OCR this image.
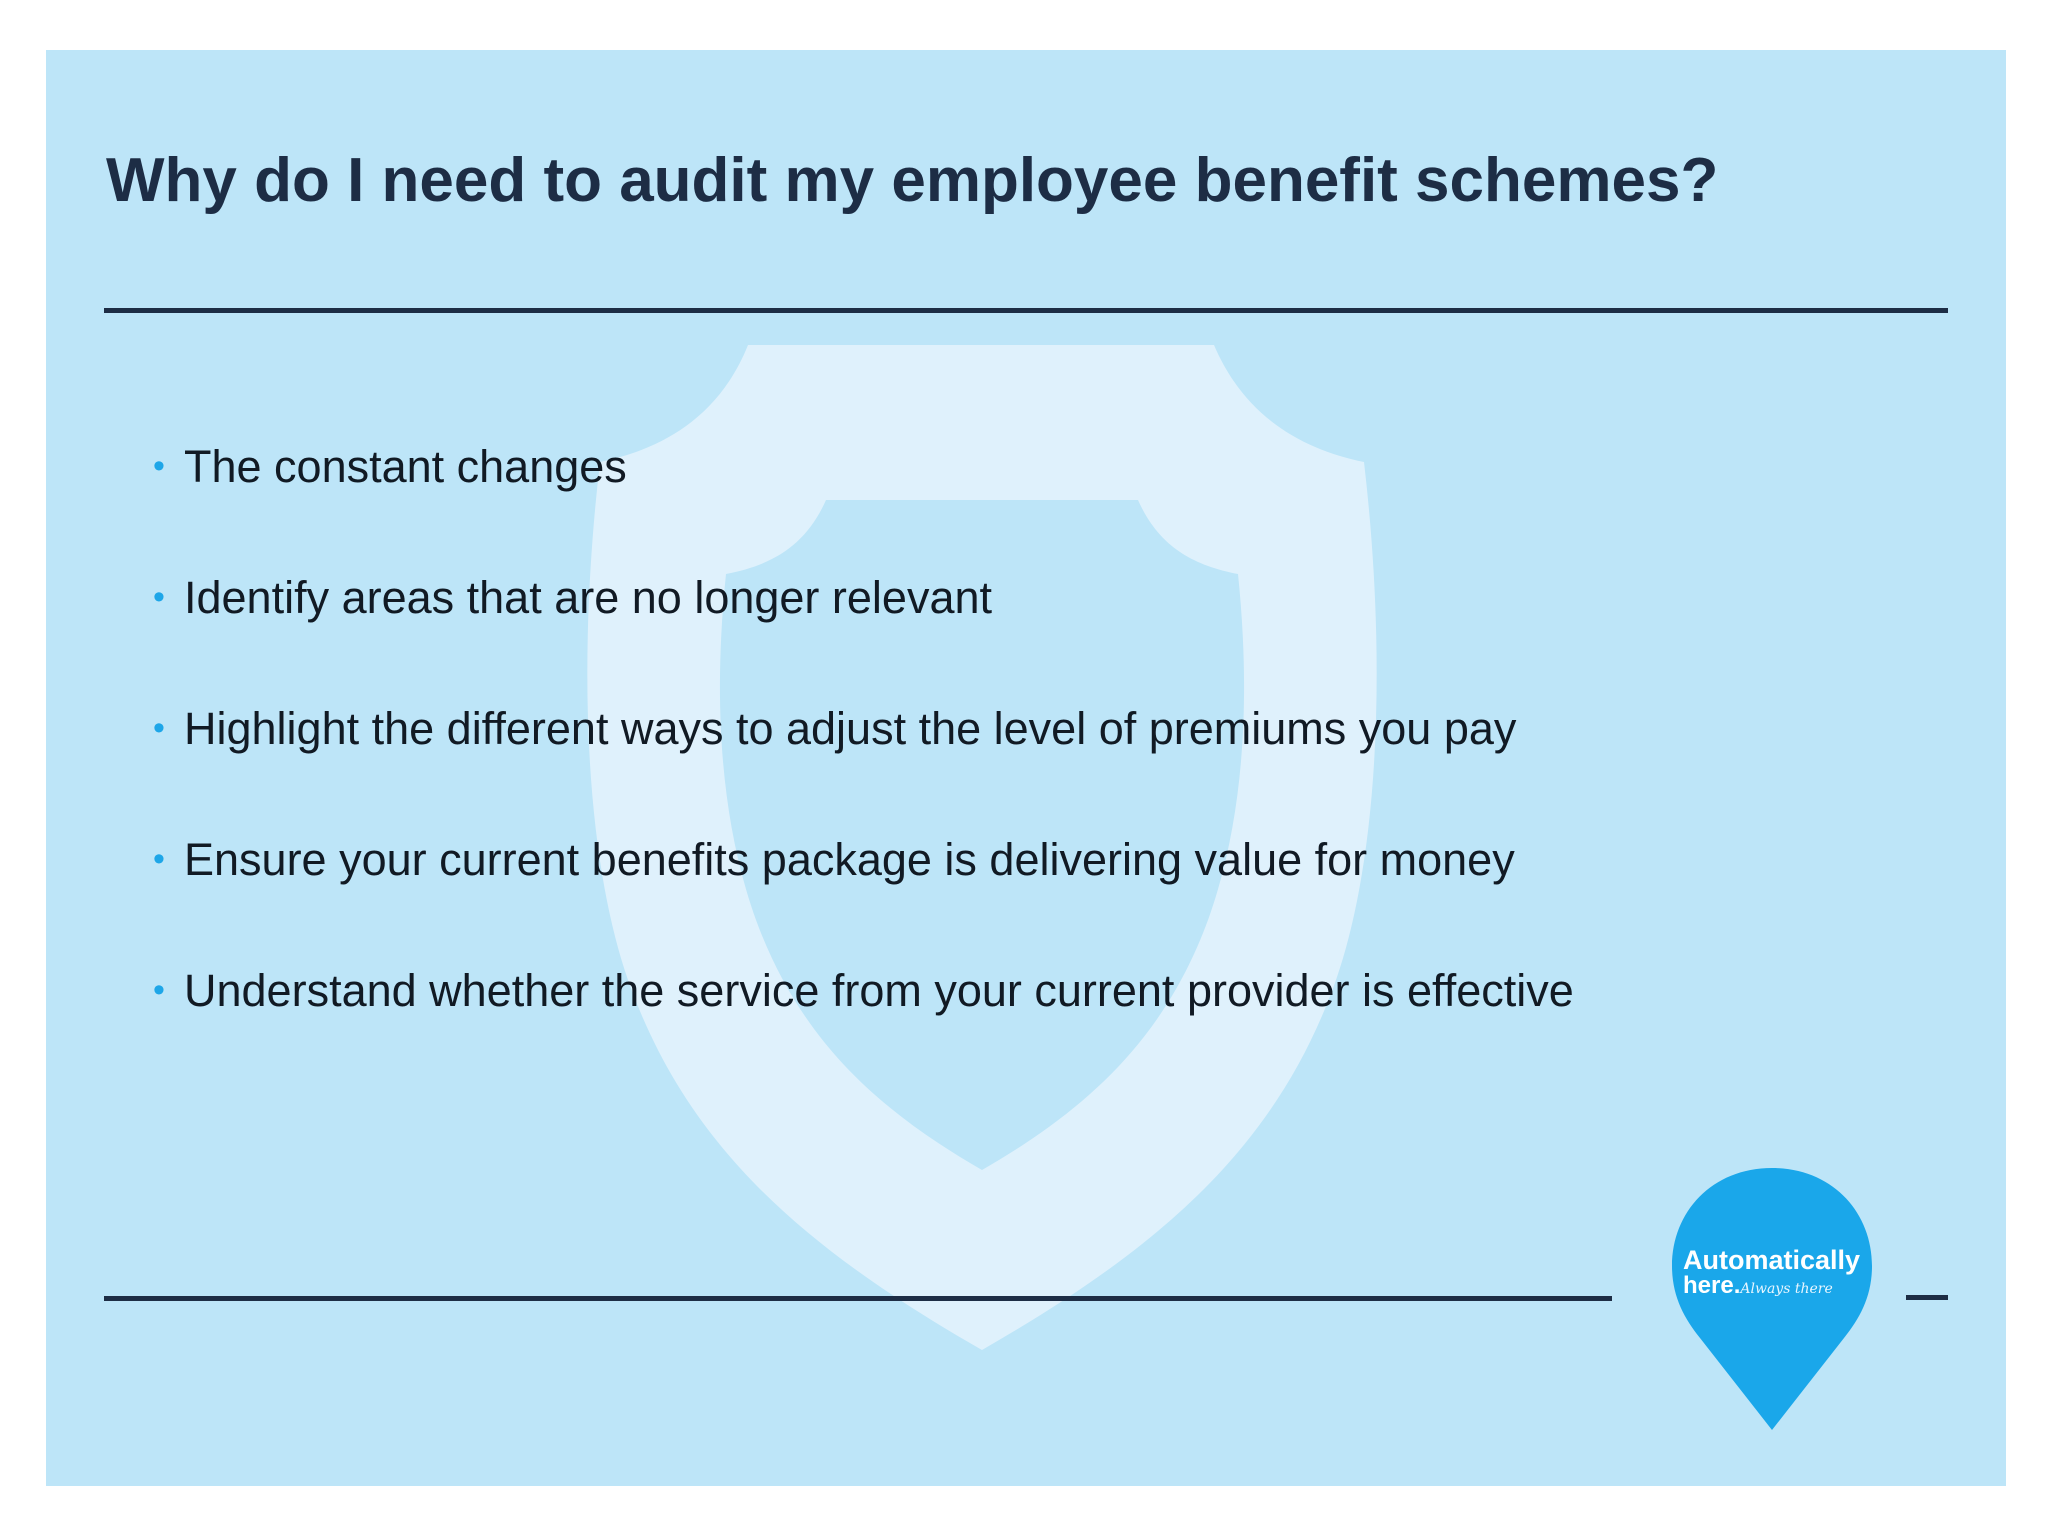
Why do I need to audit my employee benefit schemes?
• The constant changes
• Identify areas that are no longer relevant
• Highlight the different ways to adjust the level of premiums you pay
• Ensure your current benefits package is delivering value for money
• Understand whether the service from your current provider is effective
Automatically
here.Always there
